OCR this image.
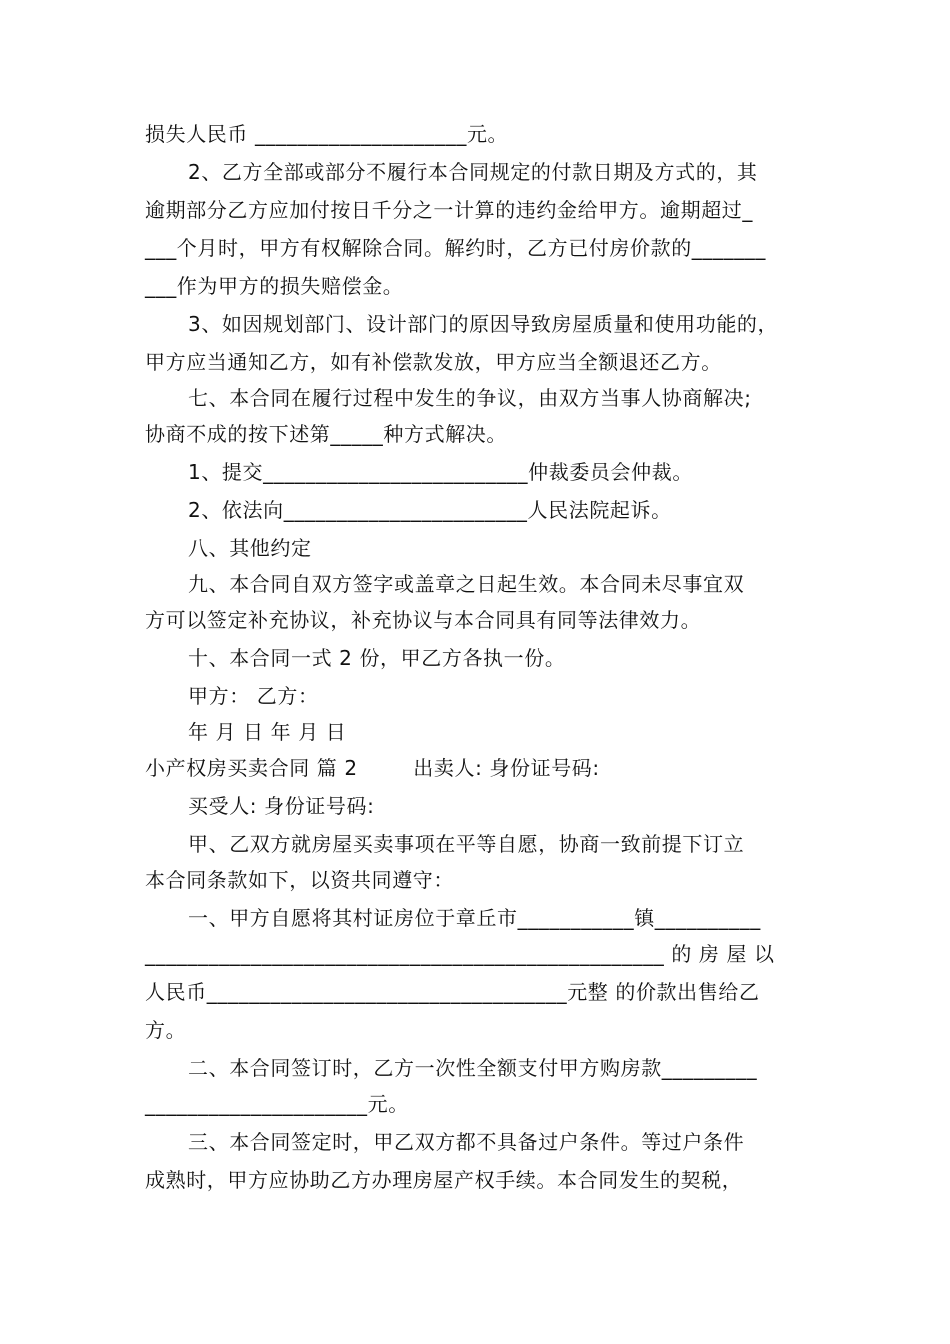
损失人民币 ____________________元。
2、乙方全部或部分不履行本合同规定的付款日期及方式的，其
逾期部分乙方应加付按日千分之一计算的违约金给甲方。逾期超过_
___个月时，甲方有权解除合同。解约时，乙方已付房价款的_______
___作为甲方的损失赔偿金。
3、如因规划部门、设计部门的原因导致房屋质量和使用功能的，
甲方应当通知乙方，如有补偿款发放，甲方应当全额退还乙方。
七、本合同在履行过程中发生的争议，由双方当事人协商解决;
协商不成的按下述第_____种方式解决。
1、提交_________________________仲裁委员会仲裁。
2、依法向_______________________人民法院起诉。
八、其他约定
九、本合同自双方签字或盖章之日起生效。本合同未尽事宜双
方可以签定补充协议，补充协议与本合同具有同等法律效力。
十、本合同一式 2 份，甲乙方各执一份。
甲方： 乙方：
年 月 日 年 月 日
小产权房买卖合同 篇 2        出卖人: 身份证号码:
买受人: 身份证号码:
甲、乙双方就房屋买卖事项在平等自愿，协商一致前提下订立
本合同条款如下，以资共同遵守：
一、甲方自愿将其村证房位于章丘市___________镇__________
_________________________________________________ 的 房 屋 以
人民币__________________________________元整 的价款出售给乙
方。
二、本合同签订时，乙方一次性全额支付甲方购房款_________
_____________________元。
三、本合同签定时，甲乙双方都不具备过户条件。等过户条件
成熟时，甲方应协助乙方办理房屋产权手续。本合同发生的契税，
